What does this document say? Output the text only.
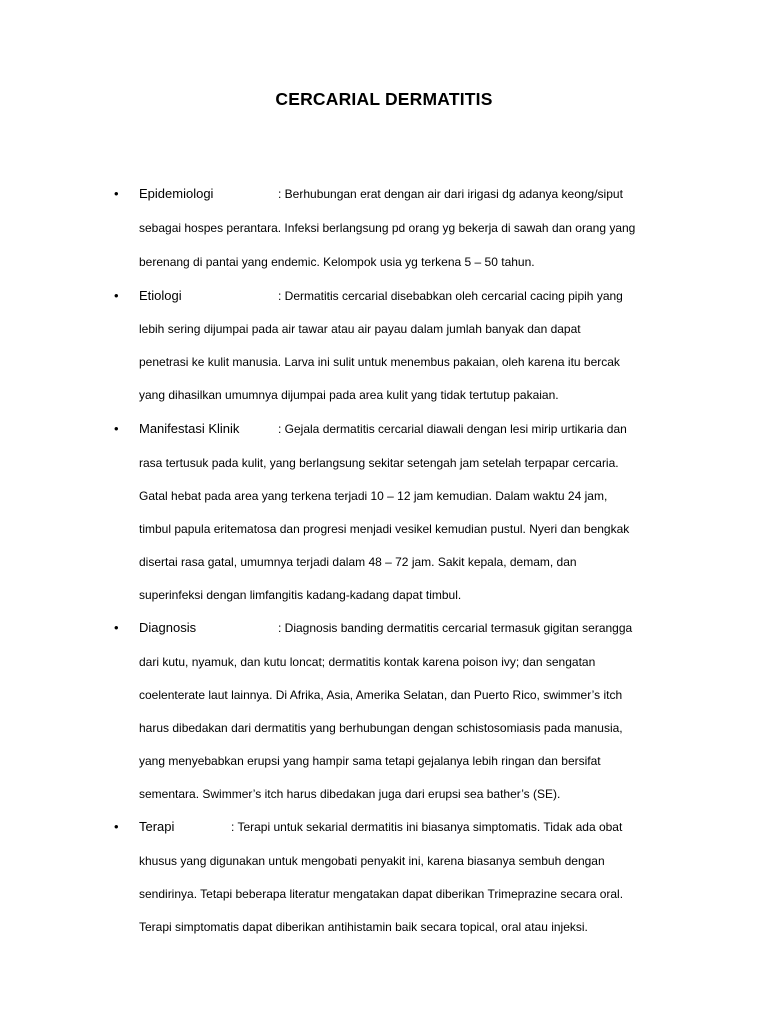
CERCARIAL DERMATITIS
• Epidemiologi	: Berhubungan erat dengan air dari irigasi dg adanya keong/siput
sebagai hospes perantara. Infeksi berlangsung pd orang yg bekerja di sawah dan orang yang
berenang di pantai yang endemic. Kelompok usia yg terkena 5 – 50 tahun.
• Etiologi	: Dermatitis cercarial disebabkan oleh cercarial cacing pipih yang
lebih sering dijumpai pada air tawar atau air payau dalam jumlah banyak dan dapat
penetrasi ke kulit manusia. Larva ini sulit untuk menembus pakaian, oleh karena itu bercak
yang dihasilkan umumnya dijumpai pada area kulit yang tidak tertutup pakaian.
• Manifestasi Klinik	: Gejala dermatitis cercarial diawali dengan lesi mirip urtikaria dan
rasa tertusuk pada kulit, yang berlangsung sekitar setengah jam setelah terpapar cercaria.
Gatal hebat pada area yang terkena terjadi 10 – 12 jam kemudian. Dalam waktu 24 jam,
timbul papula eritematosa dan progresi menjadi vesikel kemudian pustul. Nyeri dan bengkak
disertai rasa gatal, umumnya terjadi dalam 48 – 72 jam. Sakit kepala, demam, dan
superinfeksi dengan limfangitis kadang-kadang dapat timbul.
• Diagnosis	: Diagnosis banding dermatitis cercarial termasuk gigitan serangga
dari kutu, nyamuk, dan kutu loncat; dermatitis kontak karena poison ivy; dan sengatan
coelenterate laut lainnya. Di Afrika, Asia, Amerika Selatan, dan Puerto Rico, swimmer’s itch
harus dibedakan dari dermatitis yang berhubungan dengan schistosomiasis pada manusia,
yang menyebabkan erupsi yang hampir sama tetapi gejalanya lebih ringan dan bersifat
sementara. Swimmer’s itch harus dibedakan juga dari erupsi sea bather’s (SE).
• Terapi	: Terapi untuk sekarial dermatitis ini biasanya simptomatis. Tidak ada obat
khusus yang digunakan untuk mengobati penyakit ini, karena biasanya sembuh dengan
sendirinya. Tetapi beberapa literatur mengatakan dapat diberikan Trimeprazine secara oral.
Terapi simptomatis dapat diberikan antihistamin baik secara topical, oral atau injeksi.
